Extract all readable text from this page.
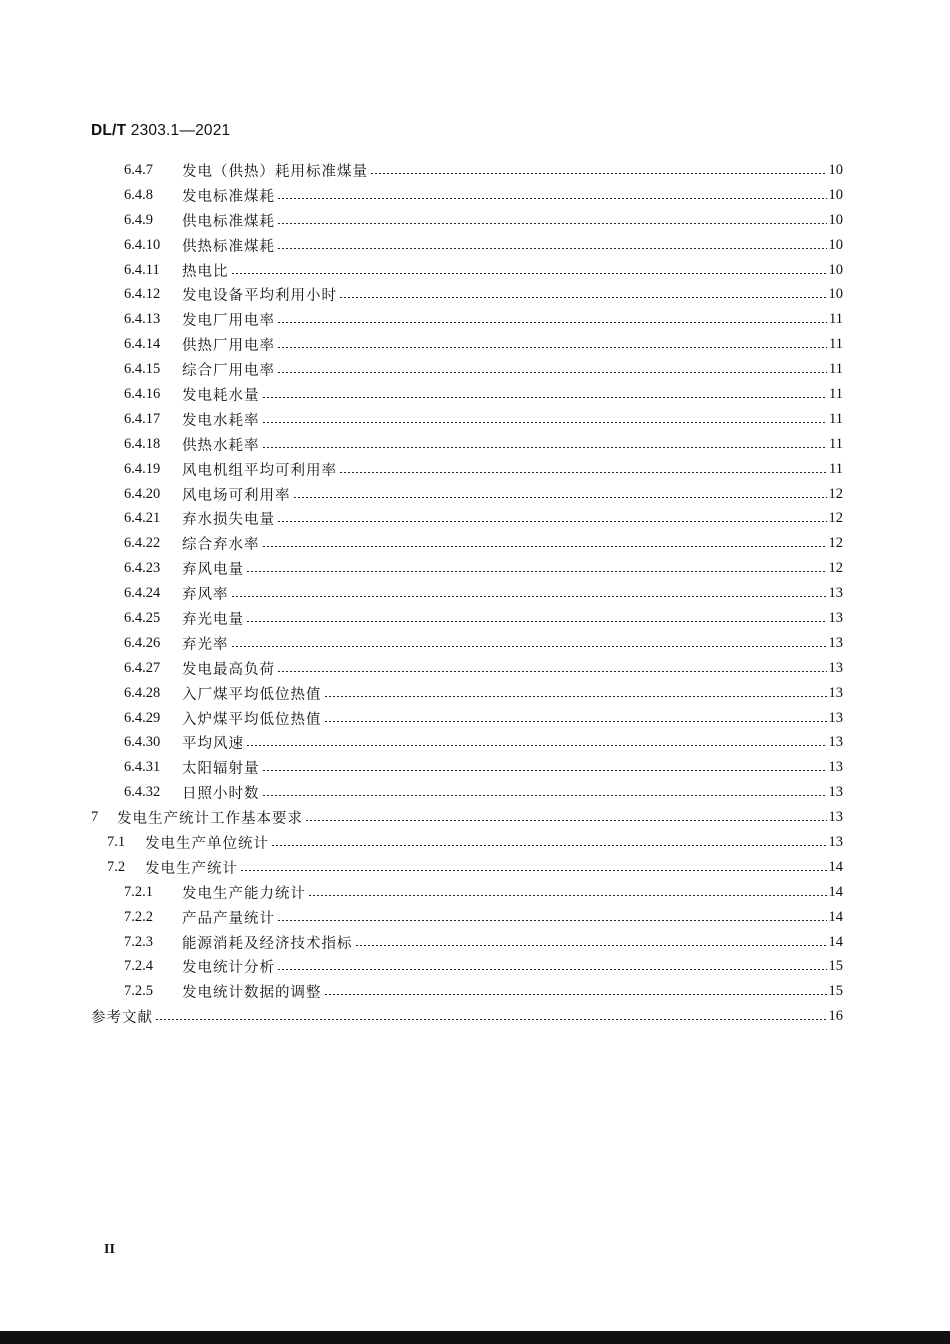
DL/T 2303.1—2021
6.4.7	发电（供热）耗用标准煤量	10
6.4.8	发电标准煤耗	10
6.4.9	供电标准煤耗	10
6.4.10	供热标准煤耗	10
6.4.11	热电比	10
6.4.12	发电设备平均利用小时	10
6.4.13	发电厂用电率	11
6.4.14	供热厂用电率	11
6.4.15	综合厂用电率	11
6.4.16	发电耗水量	11
6.4.17	发电水耗率	11
6.4.18	供热水耗率	11
6.4.19	风电机组平均可利用率	11
6.4.20	风电场可利用率	12
6.4.21	弃水损失电量	12
6.4.22	综合弃水率	12
6.4.23	弃风电量	12
6.4.24	弃风率	13
6.4.25	弃光电量	13
6.4.26	弃光率	13
6.4.27	发电最高负荷	13
6.4.28	入厂煤平均低位热值	13
6.4.29	入炉煤平均低位热值	13
6.4.30	平均风速	13
6.4.31	太阳辐射量	13
6.4.32	日照小时数	13
7	发电生产统计工作基本要求	13
7.1	发电生产单位统计	13
7.2	发电生产统计	14
7.2.1	发电生产能力统计	14
7.2.2	产品产量统计	14
7.2.3	能源消耗及经济技术指标	14
7.2.4	发电统计分析	15
7.2.5	发电统计数据的调整	15
参考文献	16
II
